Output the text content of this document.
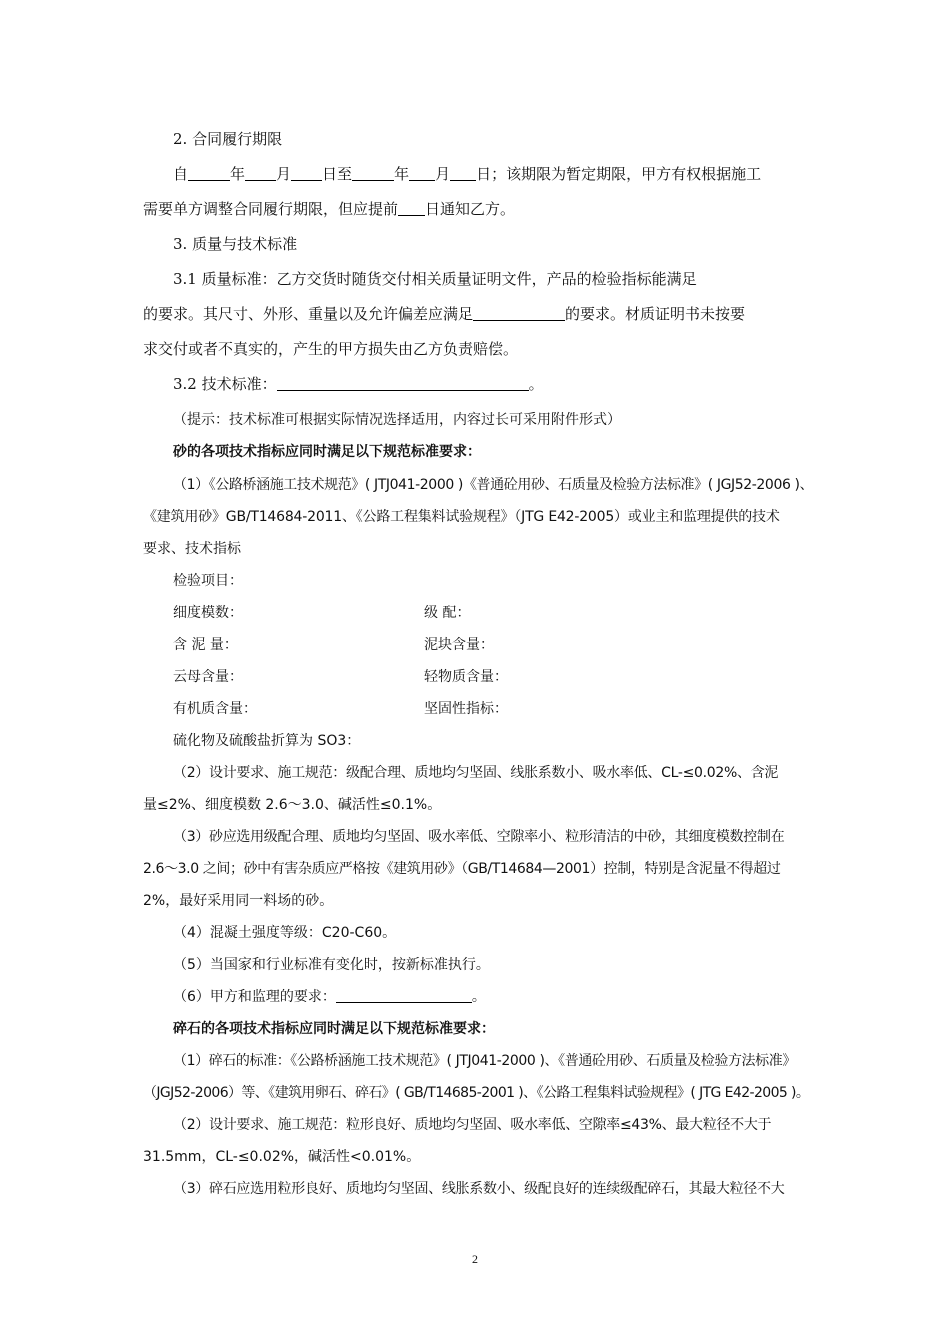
2. 合同履行期限
自	年 月 日至	年 月 日；该期限为暂定期限，甲方有权根据施工
需要单方调整合同履行期限，但应提前 日通知乙方。
3. 质量与技术标准
3.1 质量标准：乙方交货时随货交付相关质量证明文件，产品的检验指标能满足
的要求。其尺寸、外形、重量以及允许偏差应满足	的要求。材质证明书未按要
求交付或者不真实的，产生的甲方损失由乙方负责赔偿。
3.2 技术标准：	。
（提示：技术标准可根据实际情况选择适用，内容过长可采用附件形式）
砂的各项技术指标应同时满足以下规范标准要求：
（1）《公路桥涵施工技术规范》( JTJ041-2000 )《普通砼用砂、石质量及检验方法标准》( JGJ52-2006 )、
《建筑用砂》GB/T14684-2011、《公路工程集料试验规程》（JTG E42-2005）或业主和监理提供的技术
要求、技术指标
检验项目：
细度模数：	级 配：
含 泥 量：	泥块含量：
云母含量：	轻物质含量：
有机质含量：	坚固性指标：
硫化物及硫酸盐折算为 SO3：
（2）设计要求、施工规范：级配合理、质地均匀坚固、线胀系数小、吸水率低、CL-≤0.02%、含泥
量≤2%、细度模数 2.6～3.0、碱活性≤0.1%。
（3）砂应选用级配合理、质地均匀坚固、吸水率低、空隙率小、粒形清洁的中砂，其细度模数控制在
2.6～3.0 之间；砂中有害杂质应严格按《建筑用砂》（GB/T14684—2001）控制，特别是含泥量不得超过
2%，最好采用同一料场的砂。
（4）混凝土强度等级：C20-C60。
（5）当国家和行业标准有变化时，按新标准执行。
（6）甲方和监理的要求：	。
碎石的各项技术指标应同时满足以下规范标准要求：
（1）碎石的标准：《公路桥涵施工技术规范》( JTJ041-2000 )、《普通砼用砂、石质量及检验方法标准》
（JGJ52-2006）等、《建筑用卵石、碎石》( GB/T14685-2001 )、《公路工程集料试验规程》( JTG E42-2005 )。
（2）设计要求、施工规范：粒形良好、质地均匀坚固、吸水率低、空隙率≤43%、最大粒径不大于
31.5mm，CL-≤0.02%，碱活性<0.01%。
（3）碎石应选用粒形良好、质地均匀坚固、线胀系数小、级配良好的连续级配碎石，其最大粒径不大
2
